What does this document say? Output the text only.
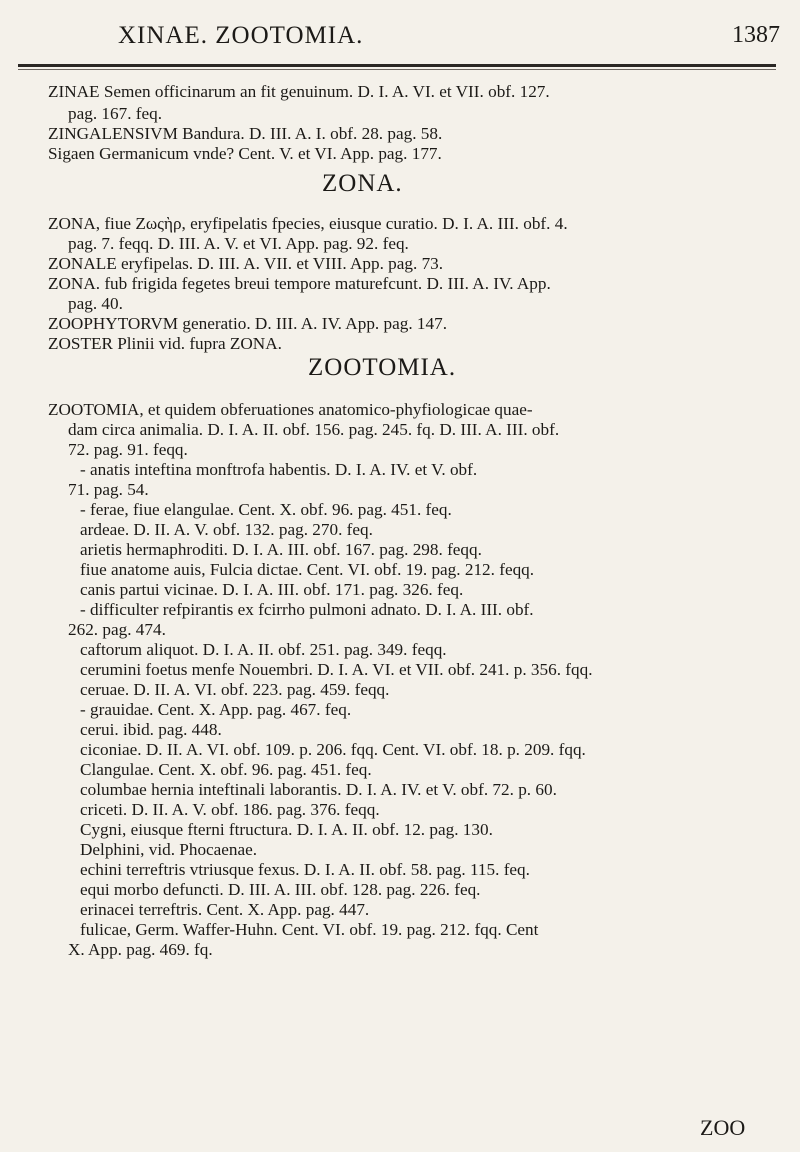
XINAE. ZOOTOMIA.	1387
ZINAE Semen officinarum an fit genuinum. D. I. A. VI. et VII. obf. 127.
pag. 167. feq.
ZINGALENSIVM Bandura. D. III. A. I. obf. 28. pag. 58.
Sigaen Germanicum vnde? Cent. V. et VI. App. pag. 177.
ZONA.
ZONA, fiue Ζωςὴρ, eryfipelatis fpecies, eiusque curatio. D. I. A. III. obf. 4.
pag. 7. feqq. D. III. A. V. et VI. App. pag. 92. feq.
ZONALE eryfipelas. D. III. A. VII. et VIII. App. pag. 73.
ZONA. fub frigida fegetes breui tempore maturefcunt. D. III. A. IV. App.
pag. 40.
ZOOPHYTORVM generatio. D. III. A. IV. App. pag. 147.
ZOSTER Plinii vid. fupra ZONA.
ZOOTOMIA.
ZOOTOMIA, et quidem obferuationes anatomico-phyfiologicae quae-
dam circa animalia. D. I. A. II. obf. 156. pag. 245. fq. D. III. A. III. obf.
72. pag. 91. feqq.
- anatis inteftina monftrofa habentis. D. I. A. IV. et V. obf.
71. pag. 54.
- ferae, fiue elangulae. Cent. X. obf. 96. pag. 451. feq.
ardeae. D. II. A. V. obf. 132. pag. 270. feq.
arietis hermaphroditi. D. I. A. III. obf. 167. pag. 298. feqq.
fiue anatome auis, Fulcia dictae. Cent. VI. obf. 19. pag. 212. feqq.
canis partui vicinae. D. I. A. III. obf. 171. pag. 326. feq.
- difficulter refpirantis ex fcirrho pulmoni adnato. D. I. A. III. obf.
262. pag. 474.
caftorum aliquot. D. I. A. II. obf. 251. pag. 349. feqq.
cerumini foetus menfe Nouembri. D. I. A. VI. et VII. obf. 241. p. 356. fqq.
ceruae. D. II. A. VI. obf. 223. pag. 459. feqq.
- grauidae. Cent. X. App. pag. 467. feq.
cerui. ibid. pag. 448.
ciconiae. D. II. A. VI. obf. 109. p. 206. fqq. Cent. VI. obf. 18. p. 209. fqq.
Clangulae. Cent. X. obf. 96. pag. 451. feq.
columbae hernia inteftinali laborantis. D. I. A. IV. et V. obf. 72. p. 60.
criceti. D. II. A. V. obf. 186. pag. 376. feqq.
Cygni, eiusque fterni ftructura. D. I. A. II. obf. 12. pag. 130.
Delphini, vid. Phocaenae.
echini terreftris vtriusque fexus. D. I. A. II. obf. 58. pag. 115. feq.
equi morbo defuncti. D. III. A. III. obf. 128. pag. 226. feq.
erinacei terreftris. Cent. X. App. pag. 447.
fulicae, Germ. Waffer-Huhn. Cent. VI. obf. 19. pag. 212. fqq. Cent
X. App. pag. 469. fq.
ZOO
